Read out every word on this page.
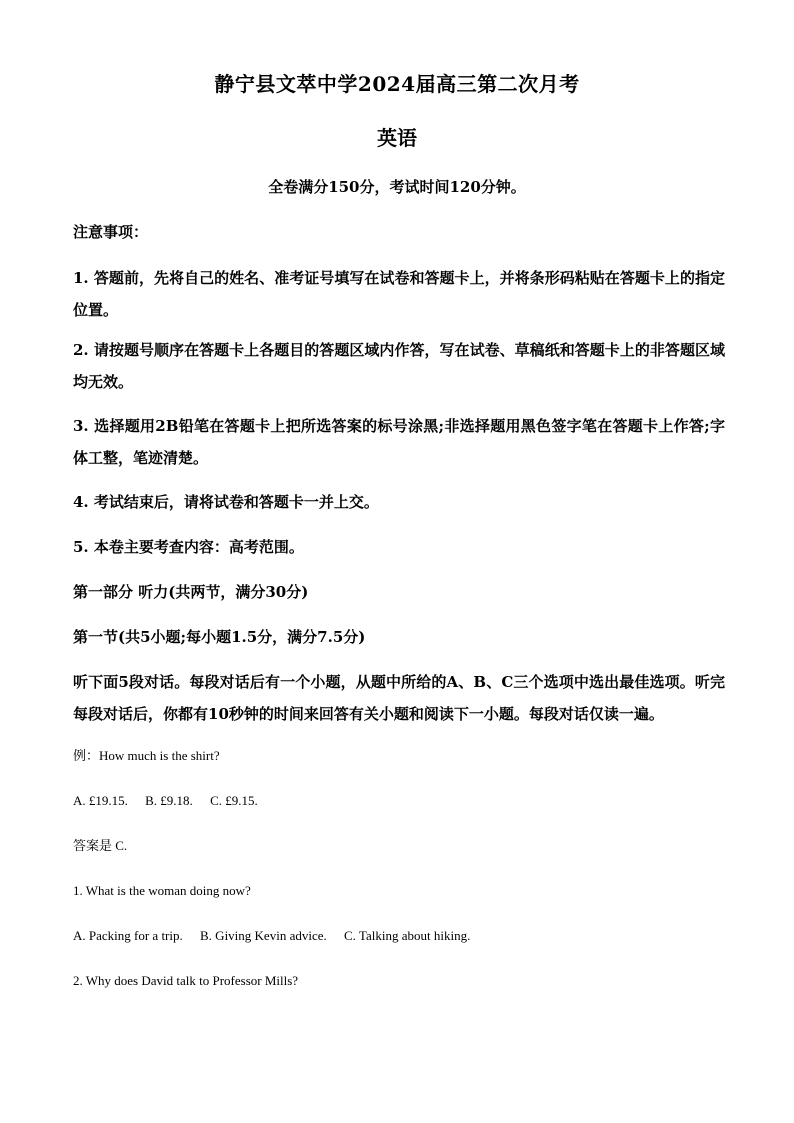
静宁县文萃中学2024届高三第二次月考
英语
全卷满分150分，考试时间120分钟。
注意事项：
1. 答题前，先将自己的姓名、准考证号填写在试卷和答题卡上，并将条形码粘贴在答题卡上的指定位置。
2. 请按题号顺序在答题卡上各题目的答题区域内作答，写在试卷、草稿纸和答题卡上的非答题区域均无效。
3. 选择题用2B铅笔在答题卡上把所选答案的标号涂黑;非选择题用黑色签字笔在答题卡上作答;字体工整，笔迹清楚。
4. 考试结束后，请将试卷和答题卡一并上交。
5. 本卷主要考查内容：高考范围。
第一部分 听力(共两节，满分30分)
第一节(共5小题;每小题1.5分，满分7.5分)
听下面5段对话。每段对话后有一个小题，从题中所给的A、B、C三个选项中选出最佳选项。听完每段对话后，你都有10秒钟的时间来回答有关小题和阅读下一小题。每段对话仅读一遍。
例：How much is the shirt?
A. £19.15. B. £9.18. C. £9.15.
答案是 C.
1. What is the woman doing now?
A. Packing for a trip. B. Giving Kevin advice. C. Talking about hiking.
2. Why does David talk to Professor Mills?
